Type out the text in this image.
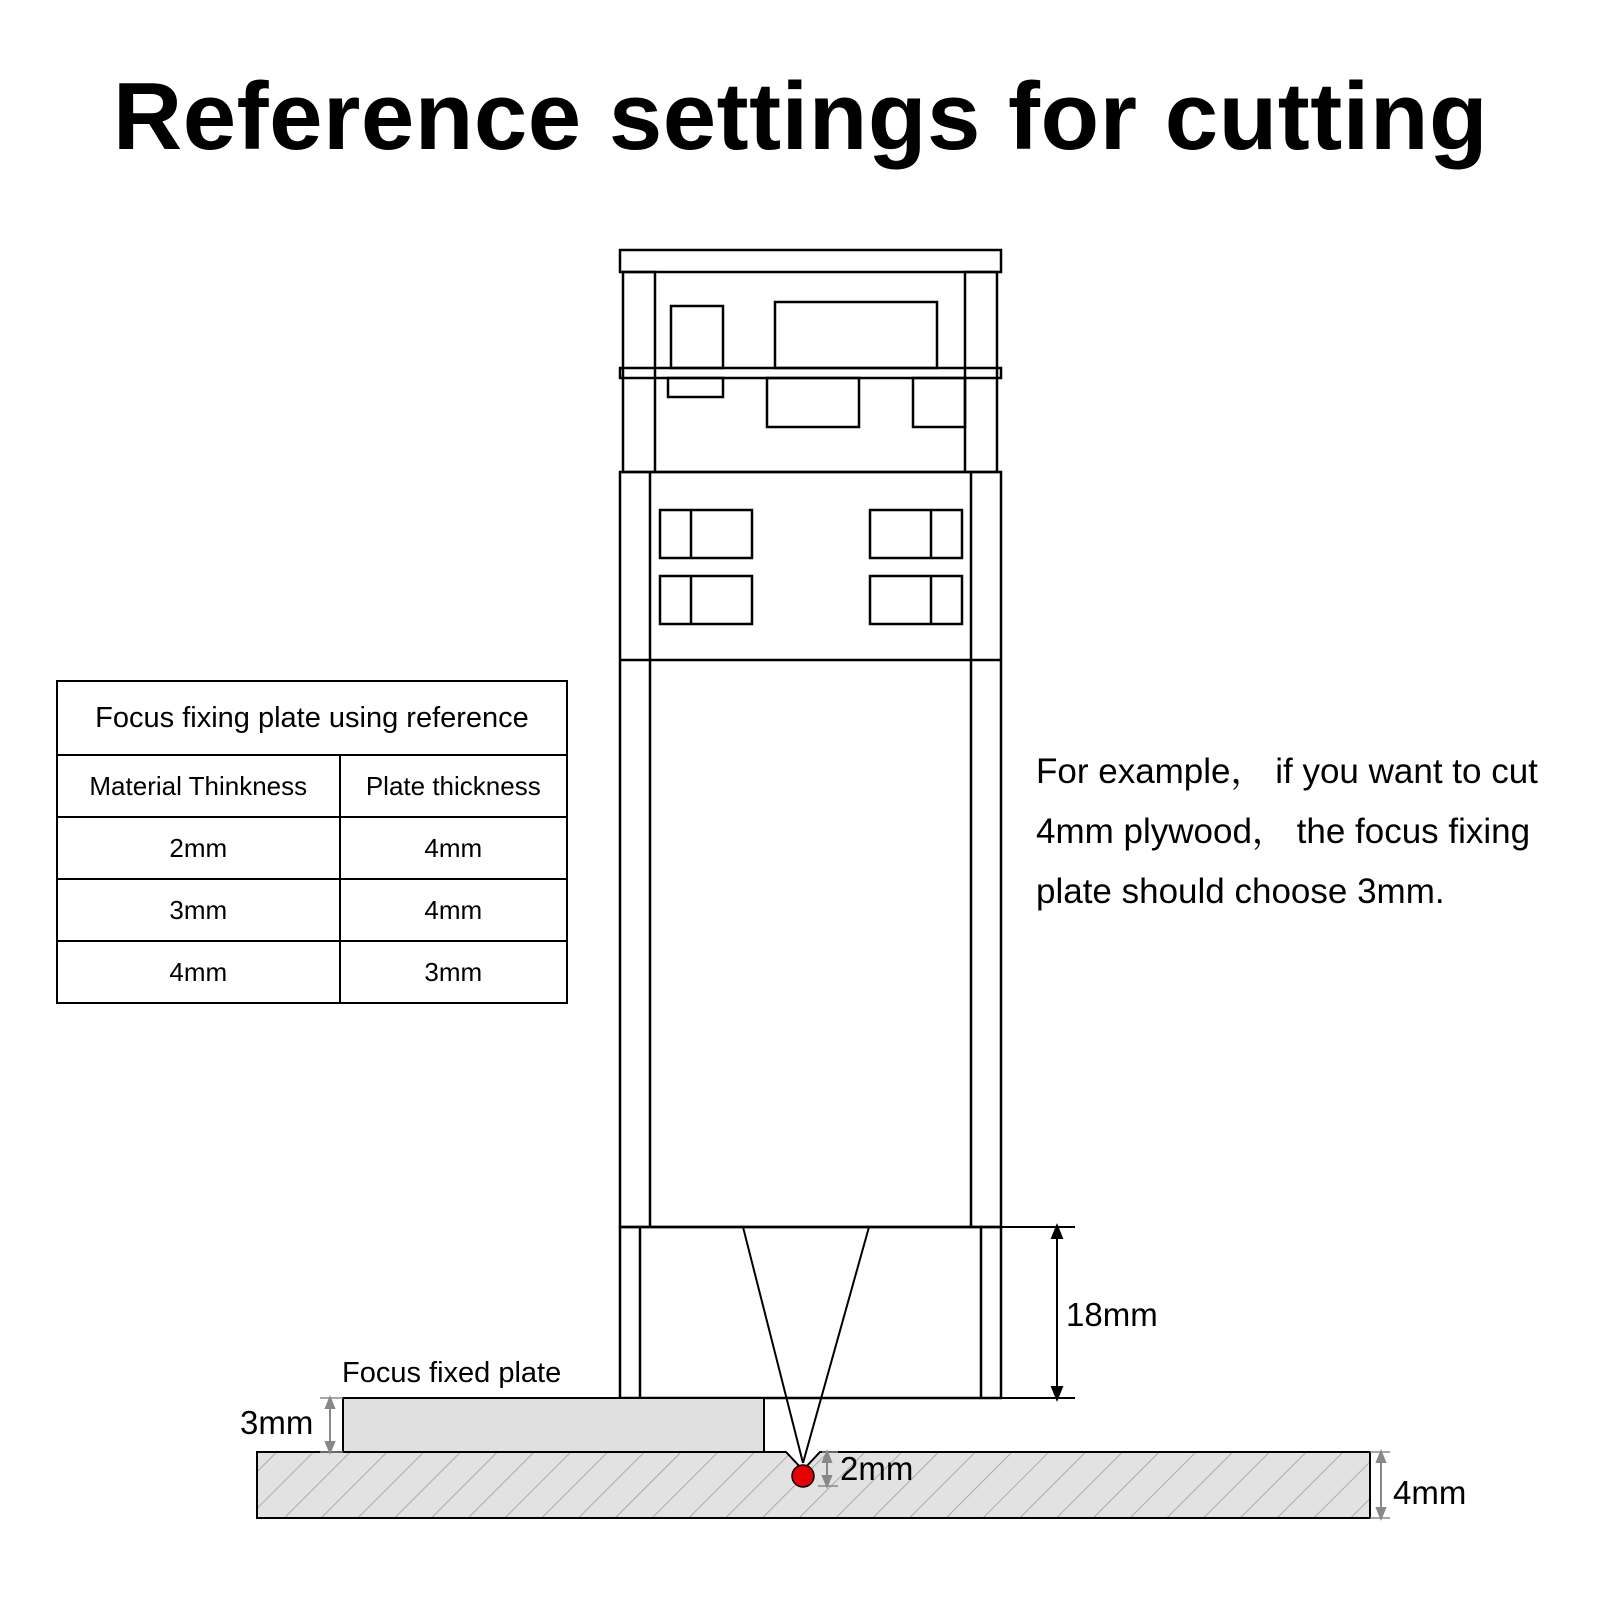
Reference settings for cutting
Focus fixing plate using reference	
Material Thinkness	Plate thickness
2mm	4mm
3mm	4mm
4mm	3mm
For example， if you want to cut 4mm plywood， the focus fixing plate should choose 3mm.
Focus fixed plate
3mm
18mm
2mm
4mm
